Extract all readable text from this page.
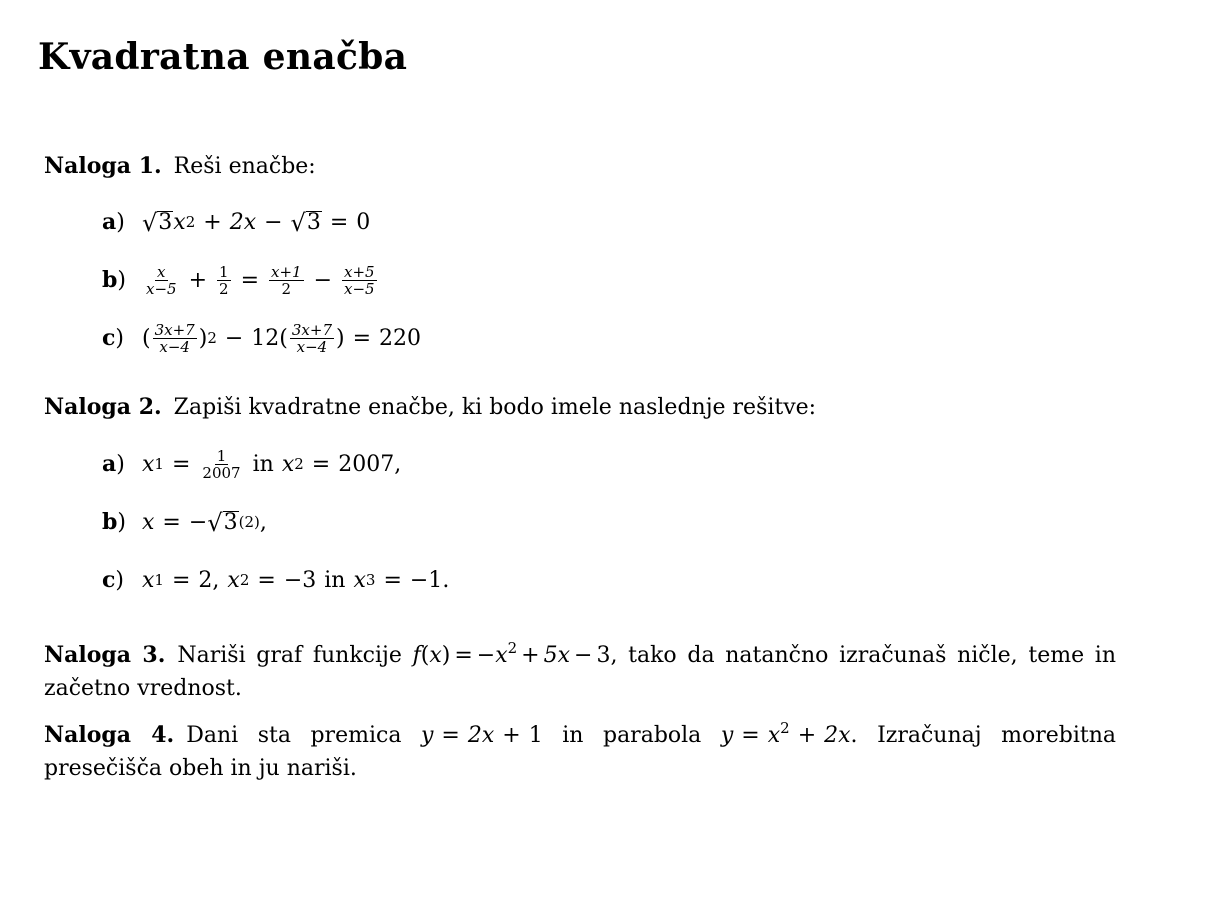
Kvadratna enačba
Naloga 1. Reši enačbe:
a) √ 3 x 2 + 2x − √ 3 = 0
b)	$\frac{x}{x-5} + \frac{1}{2} = \frac{x+1}{2} - \frac{x+5}{x-5}$
c) ( $\frac{3x+7}{x-4}$ ) 2 − 12 ( $\frac{3x+7}{x-4}$ ) = 220
Naloga 2. Zapiši kvadratne enačbe, ki bodo imele naslednje rešitve:
a) x $1 = \frac{1}{2007}$ in x 2 = 2007 ,
b) x = − √ 3 (2) ,
c) x 1 = 2 , x 2 = −3 in x 3 = −1 .
Naloga 3. Nariši graf funkcije $f(x) = -x^2 + 5x - 3$, tako da natančno izračunaš ničle, teme in začetno vrednost.
Naloga 4. Dani sta premica y = 2x + 1 in parabola $y = x^2 + 2x$. Izračunaj morebitna presečišča obeh in ju nariši.
